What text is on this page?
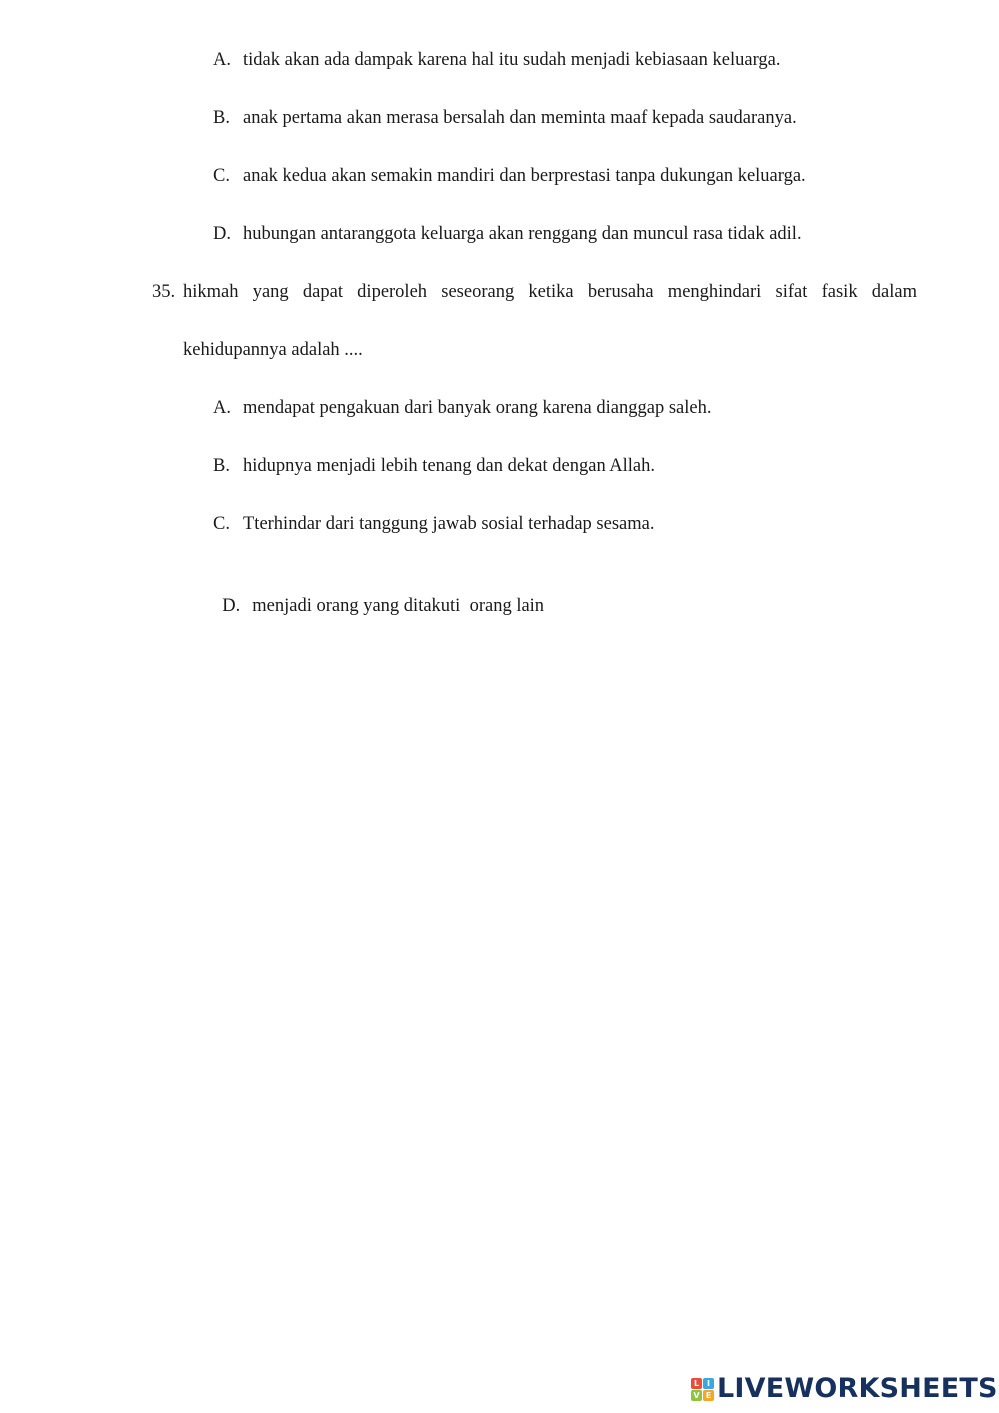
A. tidak akan ada dampak karena hal itu sudah menjadi kebiasaan keluarga.
B. anak pertama akan merasa bersalah dan meminta maaf kepada saudaranya.
C. anak kedua akan semakin mandiri dan berprestasi tanpa dukungan keluarga.
D. hubungan antaranggota keluarga akan renggang dan muncul rasa tidak adil.
35. hikmah yang dapat diperoleh seseorang ketika berusaha menghindari sifat fasik dalam
kehidupannya adalah ....
A. mendapat pengakuan dari banyak orang karena dianggap saleh.
B. hidupnya menjadi lebih tenang dan dekat dengan Allah.
C. Tterhindar dari tanggung jawab sosial terhadap sesama.

D. menjadi orang yang ditakuti  orang lain

L I
V E LIVEWORKSHEETS
